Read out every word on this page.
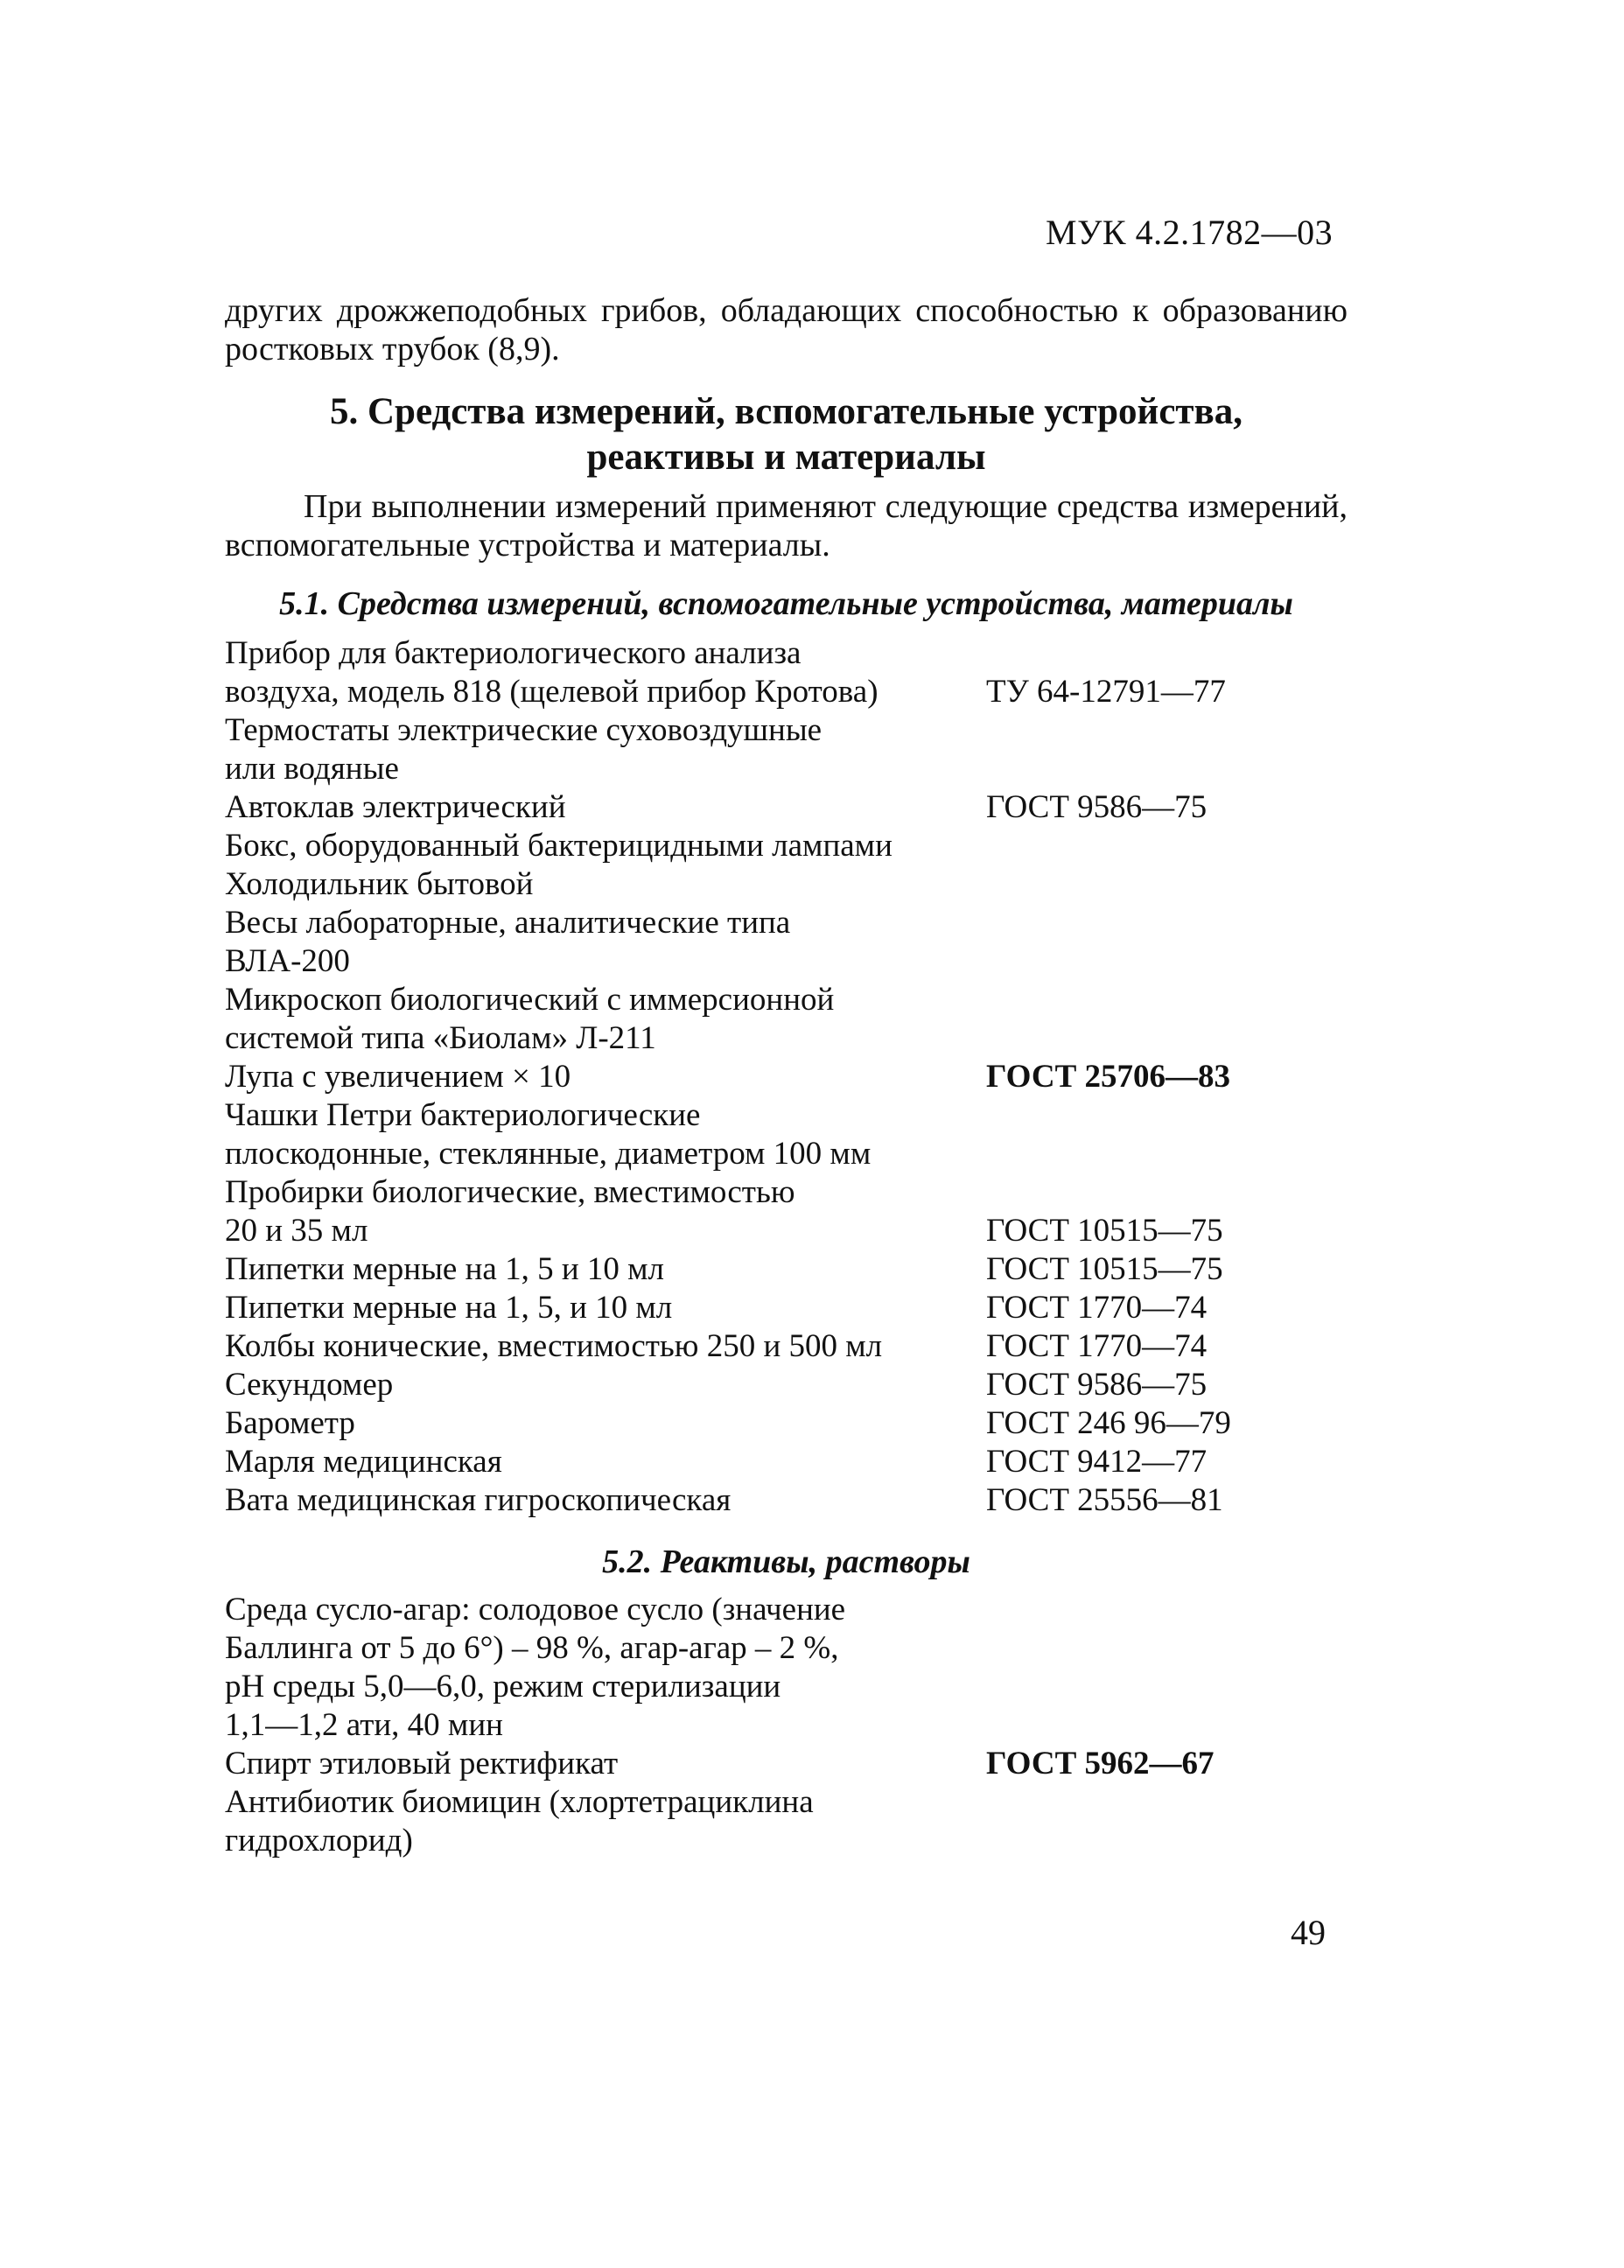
МУК 4.2.1782—03

других дрожжеподобных грибов, обладающих способностью к образованию ростковых трубок (8,9).

5. Средства измерений, вспомогательные устройства,
реактивы и материалы

При выполнении измерений применяют следующие средства измерений, вспомогательные устройства и материалы.

5.1. Средства измерений, вспомогательные устройства, материалы
Прибор для бактериологического анализа
воздуха, модель 818 (щелевой прибор Кротова)	ТУ 64-12791—77
Термостаты электрические суховоздушные
или водяные
Автоклав электрический	ГОСТ 9586—75
Бокс, оборудованный бактерицидными лампами
Холодильник бытовой
Весы лабораторные, аналитические типа
ВЛА-200
Микроскоп биологический с иммерсионной
системой типа «Биолам» Л-211
Лупа с увеличением × 10	ГОСТ 25706—83
Чашки Петри бактериологические
плоскодонные, стеклянные, диаметром 100 мм
Пробирки биологические, вместимостью
20 и 35 мл	ГОСТ 10515—75
Пипетки мерные на 1, 5 и 10 мл	ГОСТ 10515—75
Пипетки мерные на 1, 5, и 10 мл	ГОСТ 1770—74
Колбы конические, вместимостью 250 и 500 мл	ГОСТ 1770—74
Секундомер	ГОСТ 9586—75
Барометр	ГОСТ 246 96—79
Марля медицинская	ГОСТ 9412—77
Вата медицинская гигроскопическая	ГОСТ 25556—81
5.2. Реактивы, растворы
Среда сусло-агар: солодовое сусло (значение
Баллинга от 5 до 6°) – 98 %, агар-агар – 2 %,
pH среды 5,0—6,0, режим стерилизации
1,1—1,2 ати, 40 мин
Спирт этиловый ректификат	ГОСТ 5962—67
Антибиотик биомицин (хлортетрациклина
гидрохлорид)
49
